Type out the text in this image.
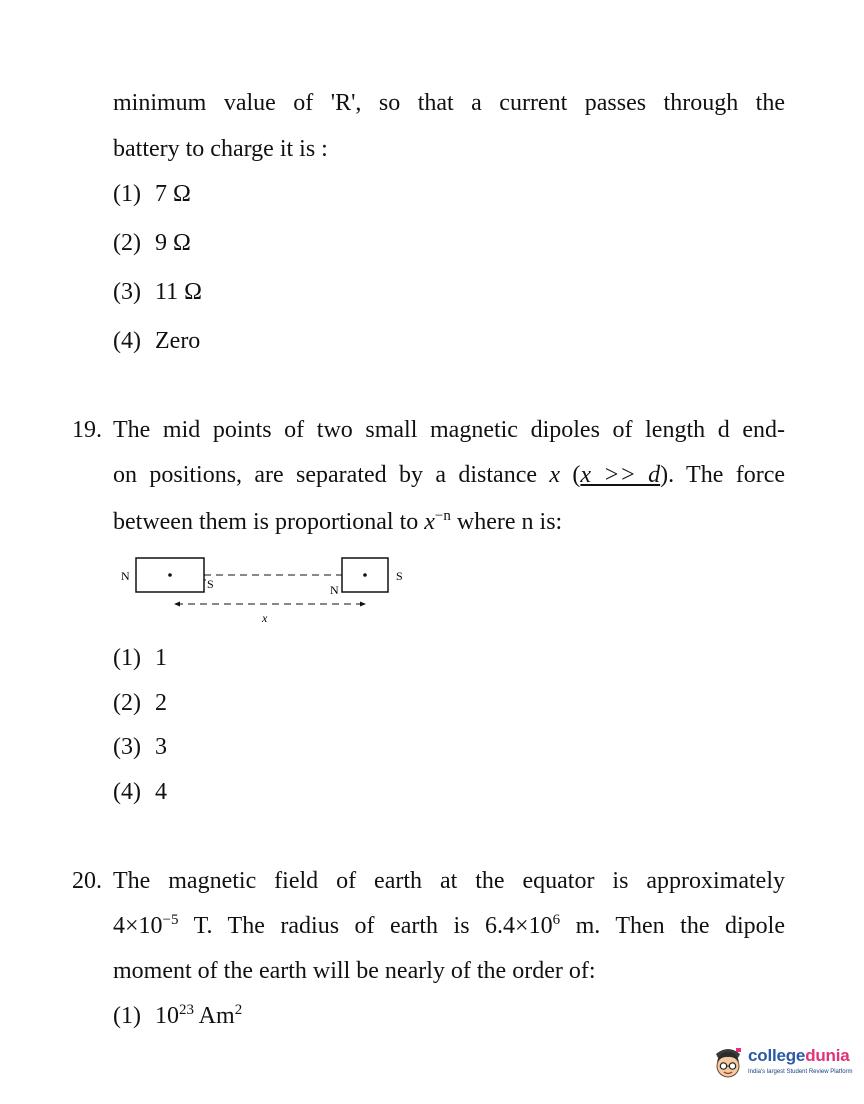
minimum value of 'R', so that a current passes through the
battery to charge it is :
(1) 7 Ω
(2) 9 Ω
(3) 11 Ω
(4) Zero
19. The mid points of two small magnetic dipoles of length d end-
on positions, are separated by a distance x (x >> d). The force
between them is proportional to $x^{-n}$ where n is:
N
S	N
S
x
(1) 1
(2) 2
(3) 3
(4) 4
20. The magnetic field of earth at the equator is approximately
$4\times 10^{-5}$ T. The radius of earth is $6.4\times 10^6$ m. Then the dipole
moment of the earth will be nearly of the order of:
(1) $10^{23}$ Am$^2$
collegedunia
India's largest Student Review Platform
